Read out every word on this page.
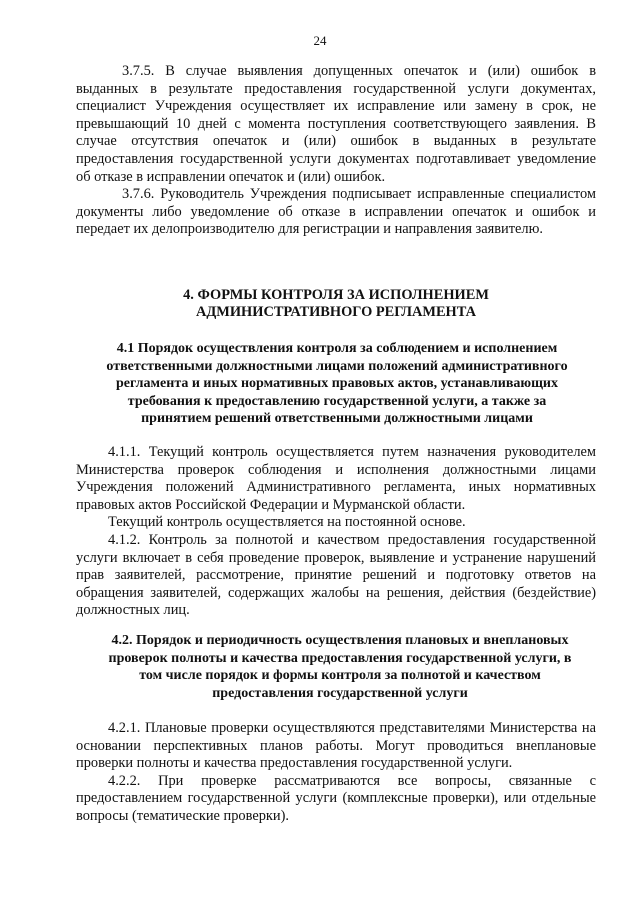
24

3.7.5. В случае выявления допущенных опечаток и (или) ошибок в выданных в результате предоставления государственной услуги документах, специалист Учреждения осуществляет их исправление или замену в срок, не превышающий 10 дней с момента поступления соответствующего заявления. В случае отсутствия опечаток и (или) ошибок в выданных в результате предоставления государственной услуги документах подготавливает уведомление об отказе в исправлении опечаток и (или) ошибок.

3.7.6. Руководитель Учреждения подписывает исправленные специалистом документы либо уведомление об отказе в исправлении опечаток и ошибок и передает их делопроизводителю для регистрации и направления заявителю.

4. ФОРМЫ КОНТРОЛЯ ЗА ИСПОЛНЕНИЕМ

АДМИНИСТРАТИВНОГО РЕГЛАМЕНТА

4.1 Порядок осуществления контроля за соблюдением и исполнением ответственными должностными лицами положений административного регламента и иных нормативных правовых актов, устанавливающих требования к предоставлению государственной услуги, а также за принятием решений ответственными должностными лицами

4.1.1. Текущий контроль осуществляется путем назначения руководителем Министерства проверок соблюдения и исполнения должностными лицами Учреждения положений Административного регламента, иных нормативных правовых актов Российской Федерации и Мурманской области.

Текущий контроль осуществляется на постоянной основе.

4.1.2. Контроль за полнотой и качеством предоставления государственной услуги включает в себя проведение проверок, выявление и устранение нарушений прав заявителей, рассмотрение, принятие решений и подготовку ответов на обращения заявителей, содержащих жалобы на решения, действия (бездействие) должностных лиц.

4.2. Порядок и периодичность осуществления плановых и внеплановых проверок полноты и качества предоставления государственной услуги, в том числе порядок и формы контроля за полнотой и качеством предоставления государственной услуги

4.2.1. Плановые проверки осуществляются представителями Министерства на основании перспективных планов работы. Могут проводиться внеплановые проверки полноты и качества предоставления государственной услуги.

4.2.2. При проверке рассматриваются все вопросы, связанные с предоставлением государственной услуги (комплексные проверки), или отдельные вопросы (тематические проверки).
